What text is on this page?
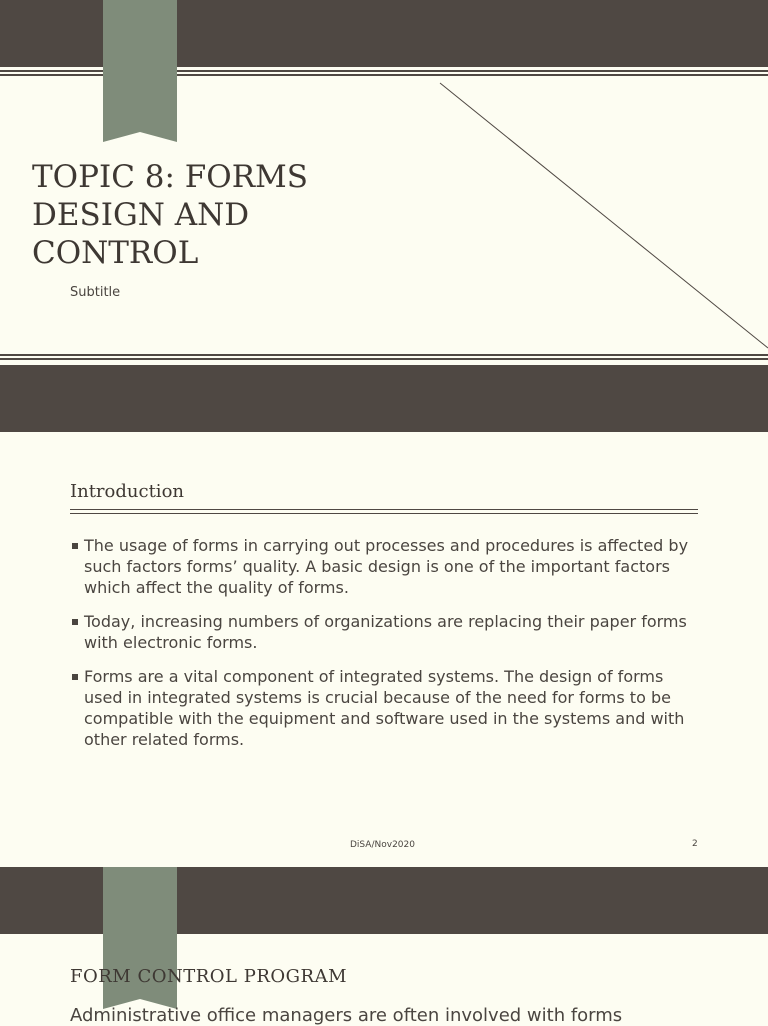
TOPIC 8: FORMS DESIGN AND CONTROL
Subtitle
Introduction
The usage of forms in carrying out processes and procedures is affected by such factors forms’ quality. A basic design is one of the important factors which affect the quality of forms.
Today, increasing numbers of organizations are replacing their paper forms with electronic forms.
Forms are a vital component of integrated systems. The design of forms used in integrated systems is crucial because of the need for forms to be compatible with the equipment and software used in the systems and with other related forms.
DiSA/Nov2020	2
FORM CONTROL PROGRAM
Administrative office managers are often involved with forms
